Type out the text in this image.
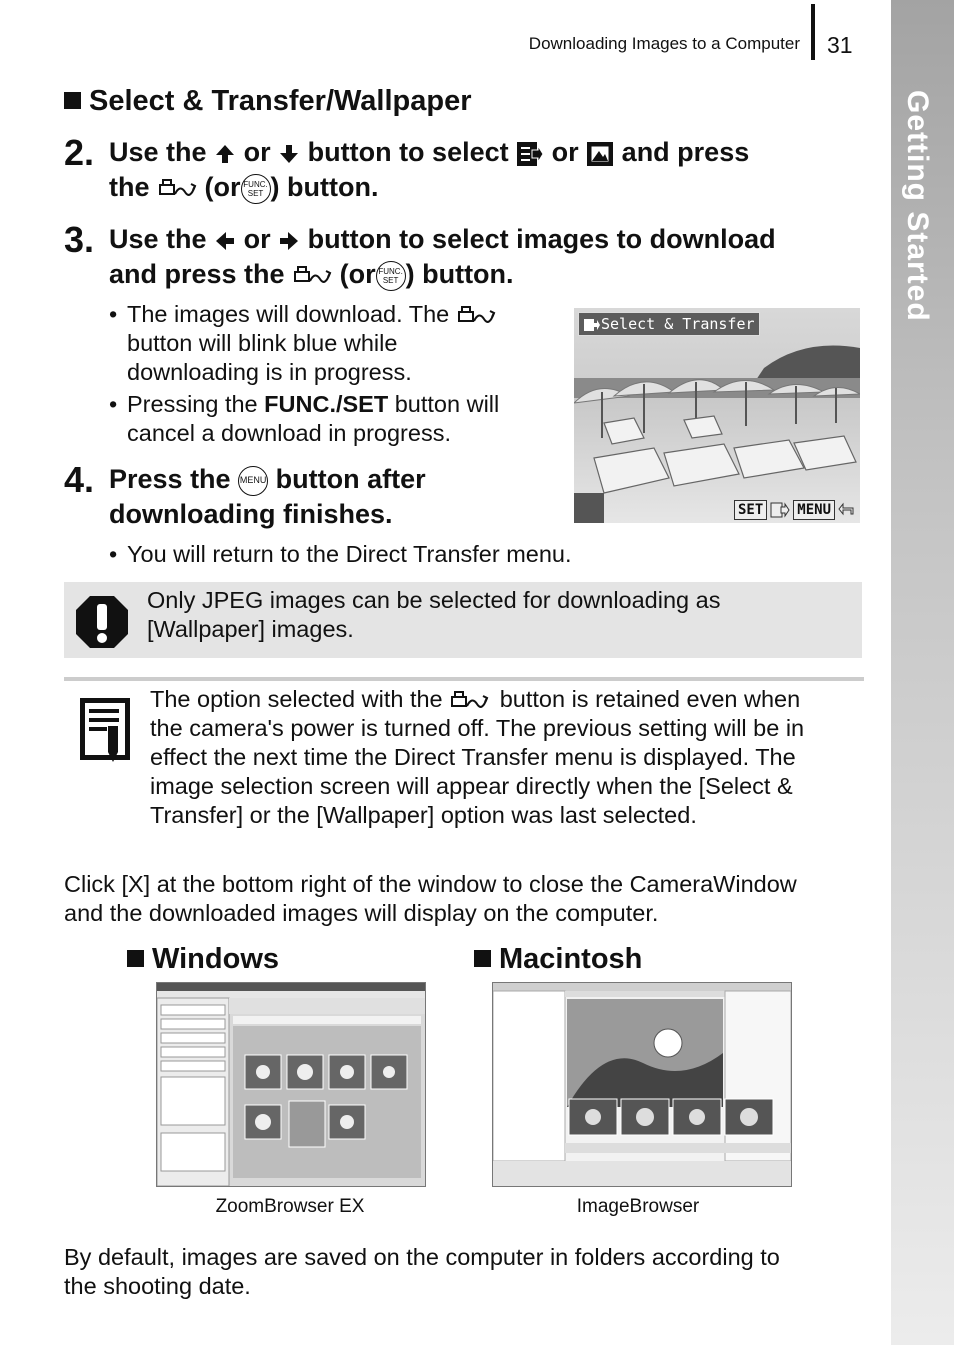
Downloading Images to a Computer 31
Getting Started
Select & Transfer/Wallpaper
2. Use the or button to select or and press
the (or FUNC. SET ) button.
3. Use the or button to select images to download
and press the (or FUNC. SET ) button.
• The images will download. The

button will blink blue while
downloading is in progress.
• Pressing the FUNC./SET button will
cancel a download in progress.
Select & Transfer
SET MENU
4. Press the MENU button after
downloading finishes.
• You will return to the Direct Transfer menu.
Only JPEG images can be selected for downloading as
[Wallpaper] images.
The option selected with the button is retained even when
the camera's power is turned off. The previous setting will be in
effect the next time the Direct Transfer menu is displayed. The
image selection screen will appear directly when the [Select &
Transfer] or the [Wallpaper] option was last selected.
Click [X] at the bottom right of the window to close the CameraWindow
and the downloaded images will display on the computer.
Windows	Macintosh
ZoomBrowser EX	ImageBrowser
By default, images are saved on the computer in folders according to
the shooting date.
